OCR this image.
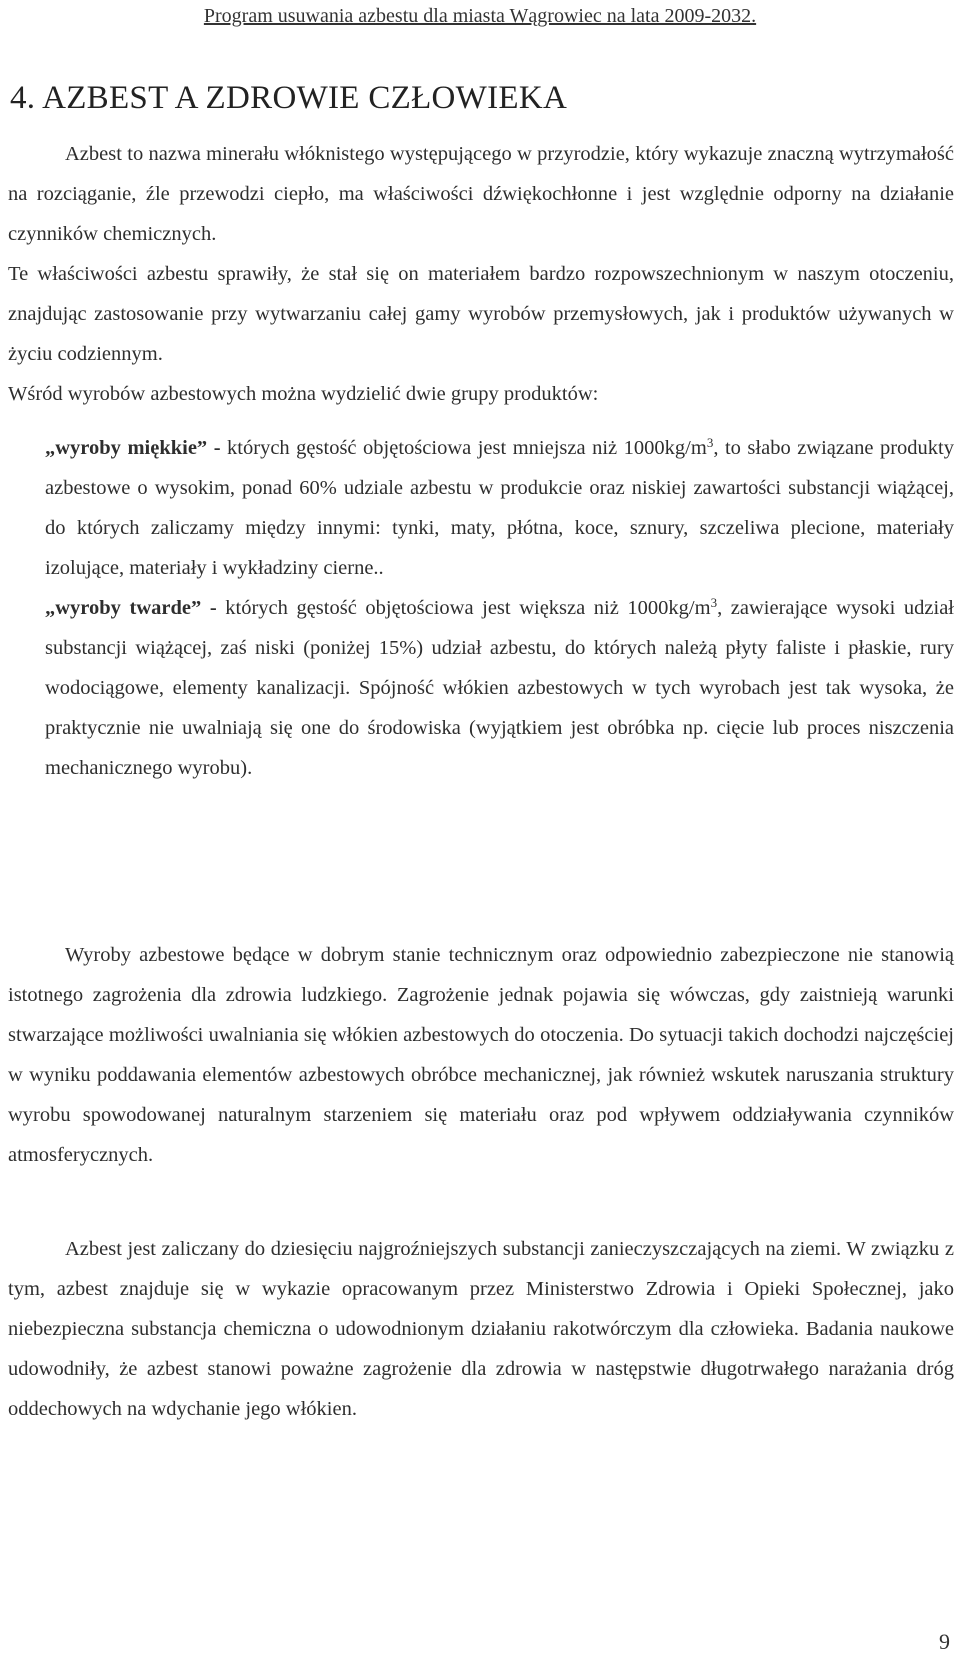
Program usuwania azbestu dla miasta Wągrowiec na lata 2009-2032.
4. AZBEST A ZDROWIE CZŁOWIEKA

Azbest to nazwa minerału włóknistego występującego w przyrodzie, który wykazuje znaczną wytrzymałość na rozciąganie, źle przewodzi ciepło, ma właściwości dźwiękochłonne i jest względnie odporny na działanie czynników chemicznych.

Te właściwości azbestu sprawiły, że stał się on materiałem bardzo rozpowszechnionym w naszym otoczeniu, znajdując zastosowanie przy wytwarzaniu całej gamy wyrobów przemysłowych, jak i produktów używanych w życiu codziennym.

Wśród wyrobów azbestowych można wydzielić dwie grupy produktów:

„wyroby miękkie” - których gęstość objętościowa jest mniejsza niż $1000kg/m^3$, to słabo związane produkty azbestowe o wysokim, ponad 60% udziale azbestu w produkcie oraz niskiej zawartości substancji wiążącej, do których zaliczamy między innymi: tynki, maty, płótna, koce, sznury, szczeliwa plecione, materiały izolujące, materiały i wykładziny cierne..

„wyroby twarde” - których gęstość objętościowa jest większa niż $1000kg/m^3$, zawierające wysoki udział substancji wiążącej, zaś niski (poniżej 15%) udział azbestu, do których należą płyty faliste i płaskie, rury wodociągowe, elementy kanalizacji. Spójność włókien azbestowych w tych wyrobach jest tak wysoka, że praktycznie nie uwalniają się one do środowiska (wyjątkiem jest obróbka np. cięcie lub proces niszczenia mechanicznego wyrobu).

Wyroby azbestowe będące w dobrym stanie technicznym oraz odpowiednio zabezpieczone nie stanowią istotnego zagrożenia dla zdrowia ludzkiego. Zagrożenie jednak pojawia się wówczas, gdy zaistnieją warunki stwarzające możliwości uwalniania się włókien azbestowych do otoczenia. Do sytuacji takich dochodzi najczęściej w wyniku poddawania elementów azbestowych obróbce mechanicznej, jak również wskutek naruszania struktury wyrobu spowodowanej naturalnym starzeniem się materiału oraz pod wpływem oddziaływania czynników atmosferycznych.

Azbest jest zaliczany do dziesięciu najgroźniejszych substancji zanieczyszczających na ziemi. W związku z tym, azbest znajduje się w wykazie opracowanym przez Ministerstwo Zdrowia i Opieki Społecznej, jako niebezpieczna substancja chemiczna o udowodnionym działaniu rakotwórczym dla człowieka. Badania naukowe udowodniły, że azbest stanowi poważne zagrożenie dla zdrowia w następstwie długotrwałego narażania dróg oddechowych na wdychanie jego włókien.

9
